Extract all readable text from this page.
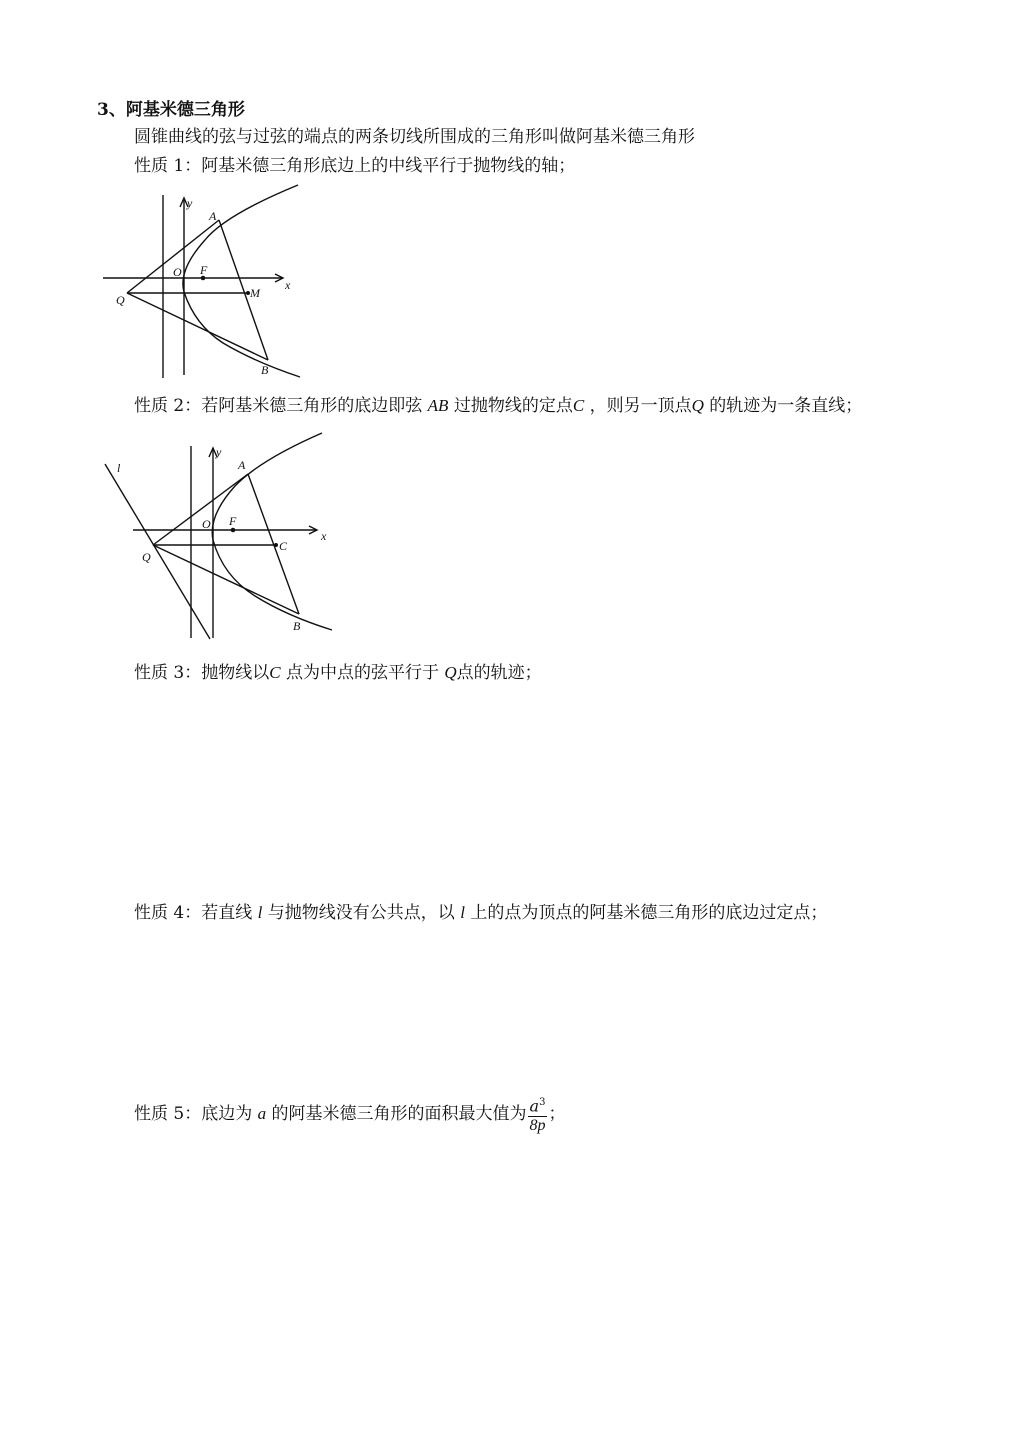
3、阿基米德三角形
圆锥曲线的弦与过弦的端点的两条切线所围成的三角形叫做阿基米德三角形
性质 1：阿基米德三角形底边上的中线平行于抛物线的轴；
y
x
A
O F
M
Q
B
性质 2：若阿基米德三角形的底边即弦 AB 过抛物线的定点C ，则另一顶点Q 的轨迹为一条直线；
l
y
x
A
O F
C
Q
B
性质 3：抛物线以C 点为中点的弦平行于 Q点的轨迹；
性质 4：若直线 l 与抛物线没有公共点，以 l 上的点为顶点的阿基米德三角形的底边过定点；
性质 5：底边为 a 的阿基米德三角形的面积最大值为 $\frac{a^3}{8p}$ ；
